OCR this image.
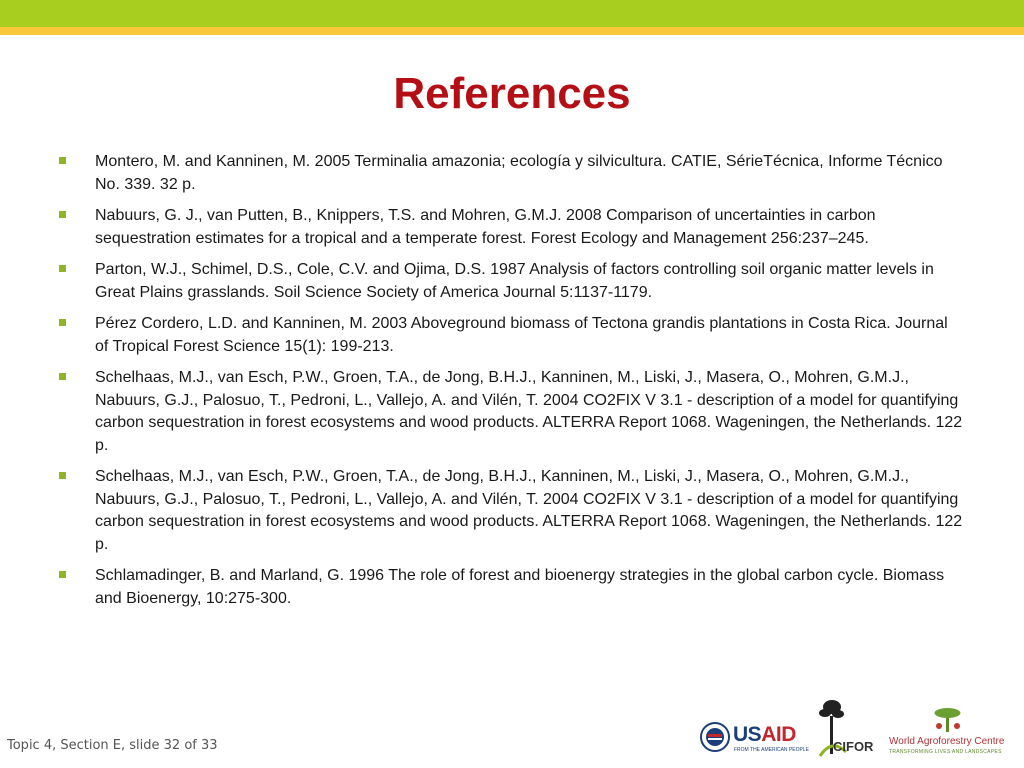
References
Montero, M. and Kanninen, M. 2005 Terminalia amazonia; ecología y silvicultura. CATIE, SérieTécnica, Informe Técnico No. 339. 32 p.
Nabuurs, G. J., van Putten, B., Knippers, T.S. and Mohren, G.M.J. 2008 Comparison of uncertainties in carbon sequestration estimates for a tropical and a temperate forest. Forest Ecology and Management 256:237–245.
Parton, W.J., Schimel, D.S., Cole, C.V. and Ojima, D.S. 1987 Analysis of factors controlling soil organic matter levels in Great Plains grasslands. Soil Science Society of America Journal 5:1137-1179.
Pérez Cordero, L.D. and Kanninen, M. 2003 Aboveground biomass of Tectona grandis plantations in Costa Rica. Journal of Tropical Forest Science 15(1): 199-213.
Schelhaas, M.J., van Esch, P.W., Groen, T.A., de Jong, B.H.J., Kanninen, M., Liski, J., Masera, O., Mohren, G.M.J., Nabuurs, G.J., Palosuo, T., Pedroni, L., Vallejo, A. and Vilén, T. 2004 CO2FIX V 3.1 - description of a model for quantifying carbon sequestration in forest ecosystems and wood products. ALTERRA Report 1068. Wageningen, the Netherlands. 122 p.
Schelhaas, M.J., van Esch, P.W., Groen, T.A., de Jong, B.H.J., Kanninen, M., Liski, J., Masera, O., Mohren, G.M.J., Nabuurs, G.J., Palosuo, T., Pedroni, L., Vallejo, A. and Vilén, T. 2004 CO2FIX V 3.1 - description of a model for quantifying carbon sequestration in forest ecosystems and wood products. ALTERRA Report 1068. Wageningen, the Netherlands. 122 p.
Schlamadinger, B. and Marland, G. 1996 The role of forest and bioenergy strategies in the global carbon cycle. Biomass and Bioenergy, 10:275-300.
Topic 4, Section E, slide 32 of 33	USAID
FROM THE AMERICAN PEOPLE CIFOR World Agroforestry Centre
TRANSFORMING LIVES AND LANDSCAPES
